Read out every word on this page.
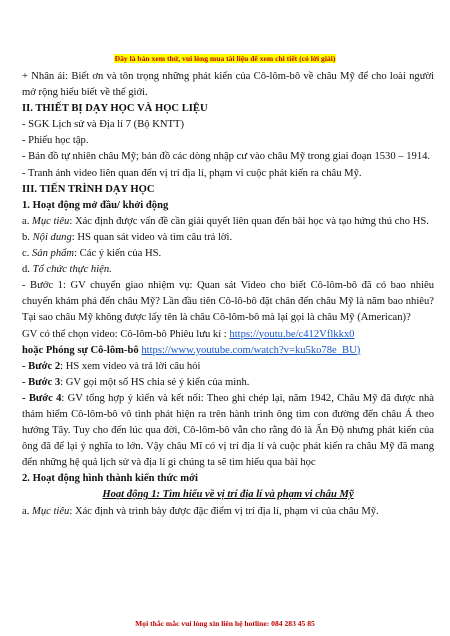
Đây là bản xem thử, vui lòng mua tài liệu để xem chi tiết (có lời giải)

+ Nhân ái: Biết ơn và tôn trọng những phát kiến của Cô-lôm-bô về châu Mỹ để cho loài người mở rộng hiểu biết về thế giới.

II. THIẾT BỊ DẠY HỌC VÀ HỌC LIỆU

- SGK Lịch sử và Địa lí 7 (Bộ KNTT)

- Phiếu học tập.

- Bản đồ tự nhiên châu Mỹ; bản đồ các dòng nhập cư vào châu Mỹ trong giai đoạn 1530 – 1914.

- Tranh ảnh video liên quan đến vị trí địa lí, phạm vi cuộc phát kiến ra châu Mỹ.

III. TIẾN TRÌNH DẠY HỌC

1. Hoạt động mở đầu/ khởi động

a. Mục tiêu: Xác định được vấn đề cần giải quyết liên quan đến bài học và tạo hứng thú cho HS.

b. Nội dung: HS quan sát video và tìm câu trả lời.

c. Sản phẩm: Các ý kiến của HS.

d. Tổ chức thực hiện.

- Bước 1: GV chuyển giao nhiệm vụ: Quan sát Video cho biết Cô-lôm-bô đã có bao nhiêu chuyến khám phá đến châu Mỹ? Lần đầu tiên Cô-lô-bô đặt chân đến châu Mỹ là năm bao nhiêu? Tại sao châu Mỹ không được lấy tên là châu Cô-lôm-bô mà lại gọi là châu Mỹ (American)?

GV có thể chọn video: Cô-lôm-bô Phiêu lưu kí : https://youtu.be/c412Vflkkx0

hoặc Phóng sự Cô-lôm-bô https://www.youtube.com/watch?v=ku5ko78e_BU)

- Bước 2: HS xem video và trả lời câu hỏi

- Bước 3: GV gọi một số HS chia sẻ ý kiến của mình.

- Bước 4: GV tổng hợp ý kiến và kết nối: Theo ghi chép lại, năm 1942, Châu Mỹ đã được nhà thám hiểm Cô-lôm-bô vô tình phát hiện ra trên hành trình ông tìm con đường đến châu Á theo hướng Tây. Tuy cho đến lúc qua đời, Cô-lôm-bô vẫn cho rằng đó là Ấn Độ nhưng phát kiến của ông đã để lại ý nghĩa to lớn. Vậy châu Mĩ có vị trí địa lí và cuộc phát kiến ra châu Mỹ đã mang đến những hệ quả lịch sử và địa lí gì chúng ta sẽ tìm hiểu qua bài học

2. Hoạt động hình thành kiến thức mới

Hoạt động 1: Tìm hiểu về vị trí địa lí và phạm vi châu Mỹ

a. Mục tiêu: Xác định và trình bày được đặc điểm vị trí địa lí, phạm vi của châu Mỹ.

Mọi thắc mắc vui lòng xin liên hệ hotline: 084 283 45 85
